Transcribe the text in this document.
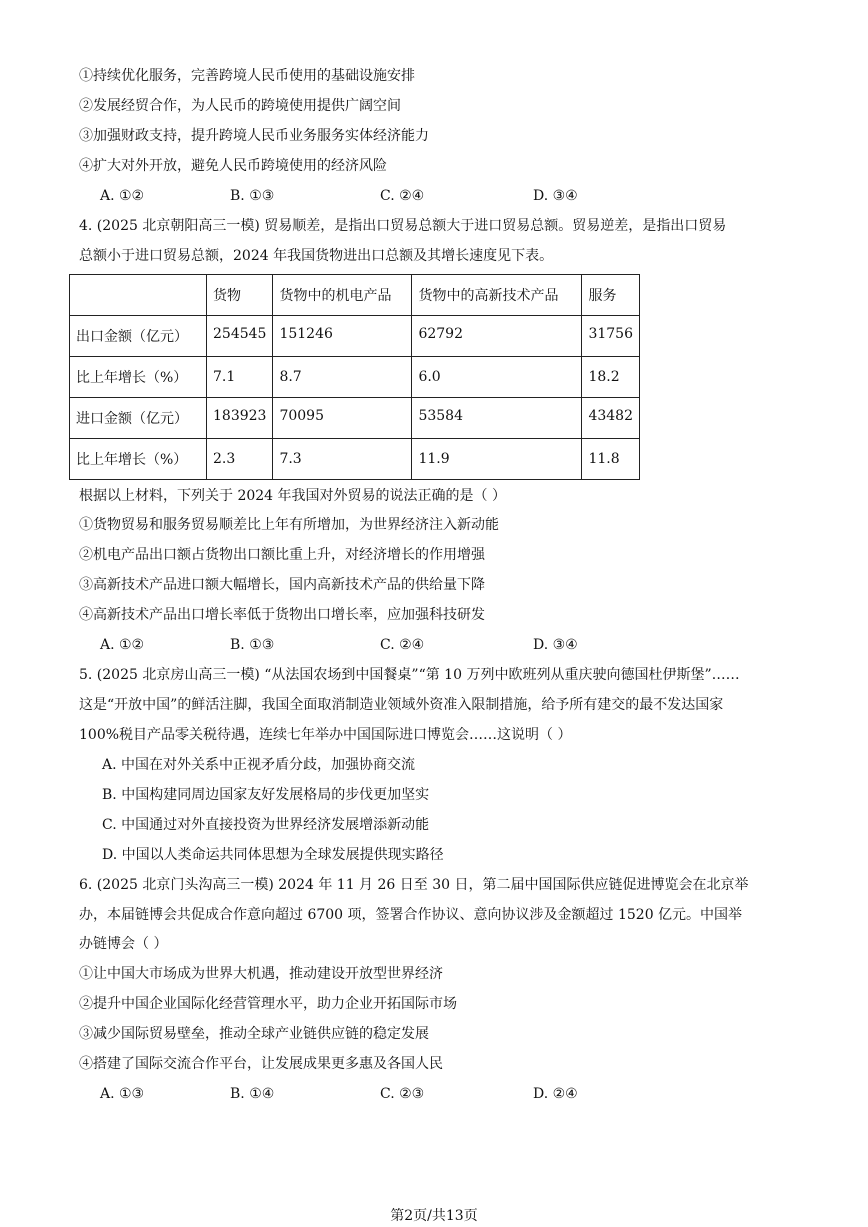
①持续优化服务，完善跨境人民币使用的基础设施安排
②发展经贸合作，为人民币的跨境使用提供广阔空间
③加强财政支持，提升跨境人民币业务服务实体经济能力
④扩大对外开放，避免人民币跨境使用的经济风险
A. ①②	B. ①③	C. ②④	D. ③④
4. (2025 北京朝阳高三一模) 贸易顺差，是指出口贸易总额大于进口贸易总额。贸易逆差，是指出口贸易
总额小于进口贸易总额，2024 年我国货物进出口总额及其增长速度见下表。
	货物	货物中的机电产品	货物中的高新技术产品	服务
出口金额（亿元）	254545	151246	62792	31756
比上年增长（%）	7.1	8.7	6.0	18.2
进口金额（亿元）	183923	70095	53584	43482
比上年增长（%）	2.3	7.3	11.9	11.8
根据以上材料，下列关于 2024 年我国对外贸易的说法正确的是（ ）
①货物贸易和服务贸易顺差比上年有所增加，为世界经济注入新动能
②机电产品出口额占货物出口额比重上升，对经济增长的作用增强
③高新技术产品进口额大幅增长，国内高新技术产品的供给量下降
④高新技术产品出口增长率低于货物出口增长率，应加强科技研发
A. ①②	B. ①③	C. ②④	D. ③④
5. (2025 北京房山高三一模) “从法国农场到中国餐桌”“第 10 万列中欧班列从重庆驶向德国杜伊斯堡”……
这是“开放中国”的鲜活注脚，我国全面取消制造业领域外资准入限制措施，给予所有建交的最不发达国家
100%税目产品零关税待遇，连续七年举办中国国际进口博览会……这说明（ ）
A. 中国在对外关系中正视矛盾分歧，加强协商交流
B. 中国构建同周边国家友好发展格局的步伐更加坚实
C. 中国通过对外直接投资为世界经济发展增添新动能
D. 中国以人类命运共同体思想为全球发展提供现实路径
6. (2025 北京门头沟高三一模) 2024 年 11 月 26 日至 30 日，第二届中国国际供应链促进博览会在北京举
办，本届链博会共促成合作意向超过 6700 项，签署合作协议、意向协议涉及金额超过 1520 亿元。中国举
办链博会（ ）
①让中国大市场成为世界大机遇，推动建设开放型世界经济
②提升中国企业国际化经营管理水平，助力企业开拓国际市场
③减少国际贸易壁垒，推动全球产业链供应链的稳定发展
④搭建了国际交流合作平台，让发展成果更多惠及各国人民
A. ①③	B. ①④	C. ②③	D. ②④
第2页/共13页
